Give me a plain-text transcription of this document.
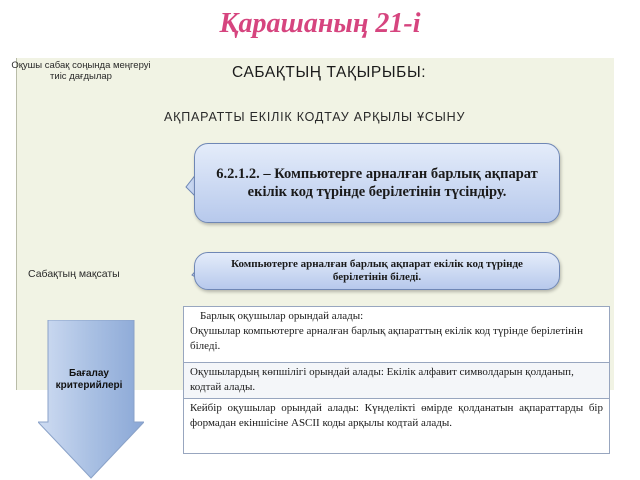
Қарашаның 21-і
Оқушы сабақ соңында меңгеруі тиіс дағдылар
Сабақтың мақсаты
САБАҚТЫҢ ТАҚЫРЫБЫ:
АҚПАРАТТЫ ЕКІЛІК КОДТАУ АРҚЫЛЫ ҰСЫНУ
6.2.1.2. – Компьютерге арналған барлық ақпарат екілік код түрінде берілетінін түсіндіру.
Компьютерге арналған барлық ақпарат екілік код түрінде берілетінін біледі.
Бағалау критерийлері
Барлық оқушылар орындай алады:
Оқушылар компьютерге арналған барлық ақпараттың екілік код түрінде берілетінін біледі.
Оқушылардың көпшілігі орындай алады: Екілік алфавит символдарын қолданып, кодтай алады.
Кейбір оқушылар орындай алады: Күнделікті өмірде қолданатын ақпараттарды бір формадан екіншісіне ASCII коды арқылы кодтай алады.
